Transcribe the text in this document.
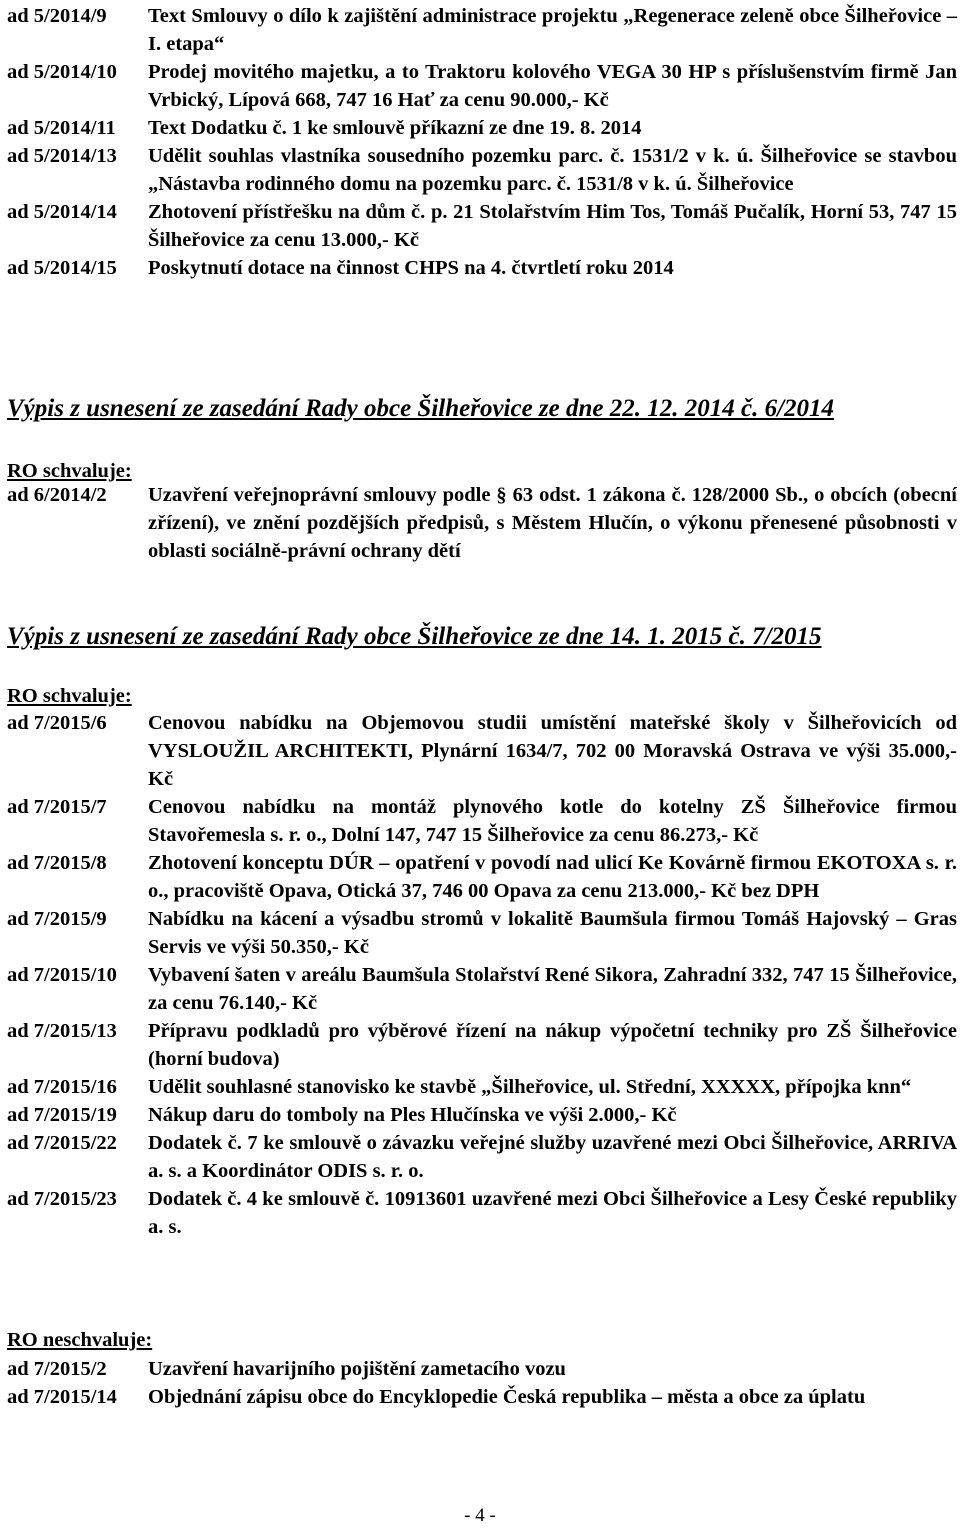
ad 5/2014/9	Text Smlouvy o dílo k zajištění administrace projektu „Regenerace zeleně obce Šilheřovice – I. etapa“
ad 5/2014/10	Prodej movitého majetku, a to Traktoru kolového VEGA 30 HP s příslušenstvím firmě Jan Vrbický, Lípová 668, 747 16 Hať za cenu 90.000,- Kč
ad 5/2014/11	Text Dodatku č. 1 ke smlouvě příkazní ze dne 19. 8. 2014
ad 5/2014/13	Udělit souhlas vlastníka sousedního pozemku parc. č. 1531/2 v k. ú. Šilheřovice se stavbou „Nástavba rodinného domu na pozemku parc. č. 1531/8 v k. ú. Šilheřovice
ad 5/2014/14	Zhotovení přístřešku na dům č. p. 21 Stolařstvím Him Tos, Tomáš Pučalík, Horní 53, 747 15 Šilheřovice za cenu 13.000,- Kč
ad 5/2014/15	Poskytnutí dotace na činnost CHPS na 4. čtvrtletí roku 2014
Výpis z usnesení ze zasedání Rady obce Šilheřovice ze dne 22. 12. 2014 č. 6/2014
RO schvaluje:
ad 6/2014/2	Uzavření veřejnoprávní smlouvy podle § 63 odst. 1 zákona č. 128/2000 Sb., o obcích (obecní zřízení), ve znění pozdějších předpisů, s Městem Hlučín, o výkonu přenesené působnosti v oblasti sociálně-právní ochrany dětí
Výpis z usnesení ze zasedání Rady obce Šilheřovice ze dne 14. 1. 2015 č. 7/2015
RO schvaluje:
ad 7/2015/6	Cenovou nabídku na Objemovou studii umístění mateřské školy v Šilheřovicích od VYSLOUŽIL ARCHITEKTI, Plynární 1634/7, 702 00 Moravská Ostrava ve výši 35.000,- Kč
ad 7/2015/7	Cenovou nabídku na montáž plynového kotle do kotelny ZŠ Šilheřovice firmou Stavořemesla s. r. o., Dolní 147, 747 15 Šilheřovice za cenu 86.273,- Kč
ad 7/2015/8	Zhotovení konceptu DÚR – opatření v povodí nad ulicí Ke Kovárně firmou EKOTOXA s. r. o., pracoviště Opava, Otická 37, 746 00 Opava za cenu 213.000,- Kč bez DPH
ad 7/2015/9	Nabídku na kácení a výsadbu stromů v lokalitě Baumšula firmou Tomáš Hajovský – Gras Servis ve výši 50.350,- Kč
ad 7/2015/10	Vybavení šaten v areálu Baumšula Stolařství René Sikora, Zahradní 332, 747 15 Šilheřovice, za cenu 76.140,- Kč
ad 7/2015/13	Přípravu podkladů pro výběrové řízení na nákup výpočetní techniky pro ZŠ Šilheřovice (horní budova)
ad 7/2015/16	Udělit souhlasné stanovisko ke stavbě „Šilheřovice, ul. Střední, XXXXX, přípojka knn“
ad 7/2015/19	Nákup daru do tomboly na Ples Hlučínska ve výši 2.000,- Kč
ad 7/2015/22	Dodatek č. 7 ke smlouvě o závazku veřejné služby uzavřené mezi Obci Šilheřovice, ARRIVA a. s. a Koordinátor ODIS s. r. o.
ad 7/2015/23	Dodatek č. 4 ke smlouvě č. 10913601 uzavřené mezi Obci Šilheřovice a Lesy České republiky a. s.
RO neschvaluje:
ad 7/2015/2	Uzavření havarijního pojištění zametacího vozu
ad 7/2015/14	Objednání zápisu obce do Encyklopedie Česká republika – města a obce za úplatu
- 4 -
